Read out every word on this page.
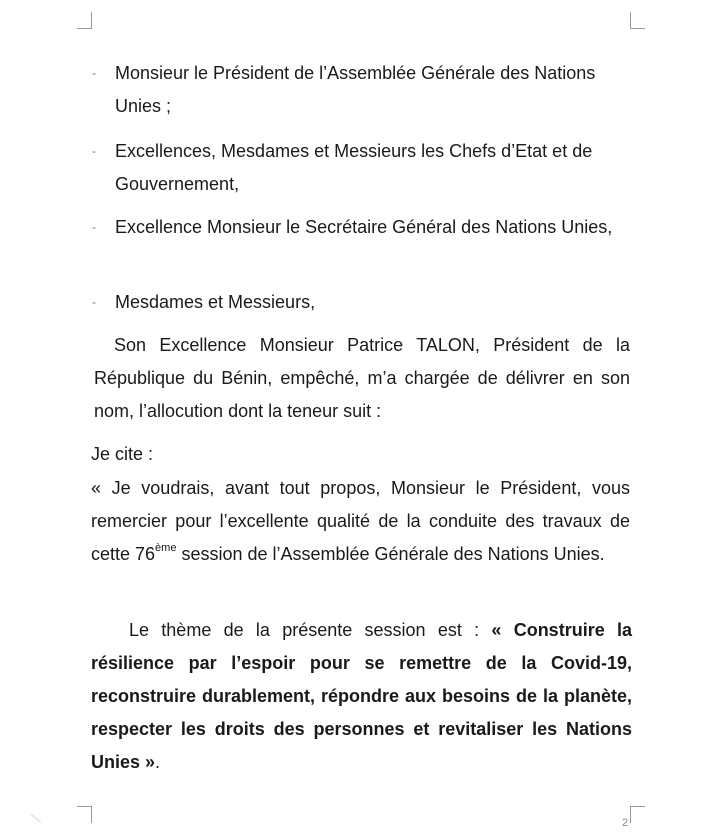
- Monsieur le Président de l’Assemblée Générale des Nations Unies ;
- Excellences, Mesdames et Messieurs les Chefs d’Etat et de Gouvernement,
- Excellence Monsieur le Secrétaire Général des Nations Unies,
- Mesdames et Messieurs,
Son Excellence Monsieur Patrice TALON, Président de la République du Bénin, empêché, m’a chargée de délivrer en son nom, l’allocution dont la teneur suit :
Je cite :
« Je voudrais, avant tout propos, Monsieur le Président, vous remercier pour l’excellente qualité de la conduite des travaux de cette 76ème session de l’Assemblée Générale des Nations Unies.
Le thème de la présente session est : « Construire la résilience par l’espoir pour se remettre de la Covid-19, reconstruire durablement, répondre aux besoins de la planète, respecter les droits des personnes et revitaliser les Nations Unies ».
2
